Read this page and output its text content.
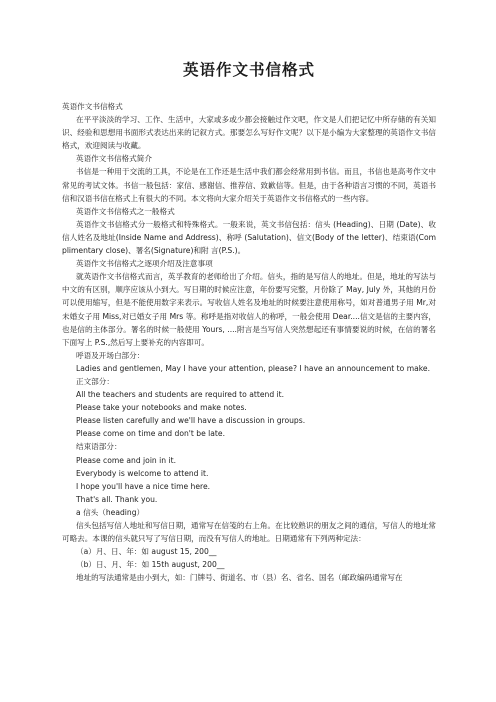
英语作文书信格式

英语作文书信格式

在平平淡淡的学习、工作、生活中，大家或多或少都会接触过作文吧，作文是人们把记忆中所存储的有关知识、经验和思想用书面形式表达出来的记叙方式。那要怎么写好作文呢？以下是小编为大家整理的英语作文书信格式，欢迎阅读与收藏。

英语作文书信格式简介

书信是一种用于交流的工具，不论是在工作还是生活中我们都会经常用到书信。而且，书信也是高考作文中常见的考试文体。书信一般包括：家信、感谢信、推荐信、致歉信等。但是，由于各种语言习惯的不同，英语书信和汉语书信在格式上有很大的不同。本文将向大家介绍关于英语作文书信格式的一些内容。

英语作文书信格式之一般格式

英语作文书信格式分一般格式和特殊格式。一般来说，英文书信包括：信头 (Heading)、日期 (Date)、收信人姓名及地址(Inside Name and Address)、称呼 (Salutation)、信文(Body of the letter)、结束语(Complimentary close)、署名(Signature)和附 言(P.S.)。

英语作文书信格式之逐项介绍及注意事项

就英语作文书信格式而言，英孚教育的老师给出了介绍。信头，指的是写信人的地址。但是，地址的写法与中文的有区别，顺序应该从小到大。写日期的时候应注意，年份要写完整，月份除了 May, July 外，其他的月份可以使用缩写，但是不能使用数字来表示。写收信人姓名及地址的时候要注意使用称号，如对普通男子用 Mr,对未婚女子用 Miss,对已婚女子用 Mrs 等。称呼是指对收信人的称呼，一般会使用 Dear....信文是信的主要内容，也是信的主体部分。署名的时候一般使用 Yours, ....附言是当写信人突然想起还有事情要说的时候，在信的署名下面写上 P.S.,然后写上要补充的内容即可。

呼语及开场白部分：

Ladies and gentlemen, May I have your attention, please? I have an announcement to make.

正文部分：

All the teachers and students are required to attend it.

Please take your notebooks and make notes.

Please listen carefully and we'll have a discussion in groups.

Please come on time and don't be late.

结束语部分：

Please come and join in it.

Everybody is welcome to attend it.

I hope you'll have a nice time here.

That's all. Thank you.

a 信头（heading）

信头包括写信人地址和写信日期，通常写在信笺的右上角。在比较熟识的朋友之间的通信，写信人的地址常可略去。本课的信头就只写了写信日期，而没有写信人的地址。日期通常有下列两种定法：

（a）月、日、年：如 august 15, 200__

（b）日、月、年：如 15th august, 200__

地址的写法通常是由小到大，如：门牌号、街道名、市（县）名、省名、国名（邮政编码通常写在
